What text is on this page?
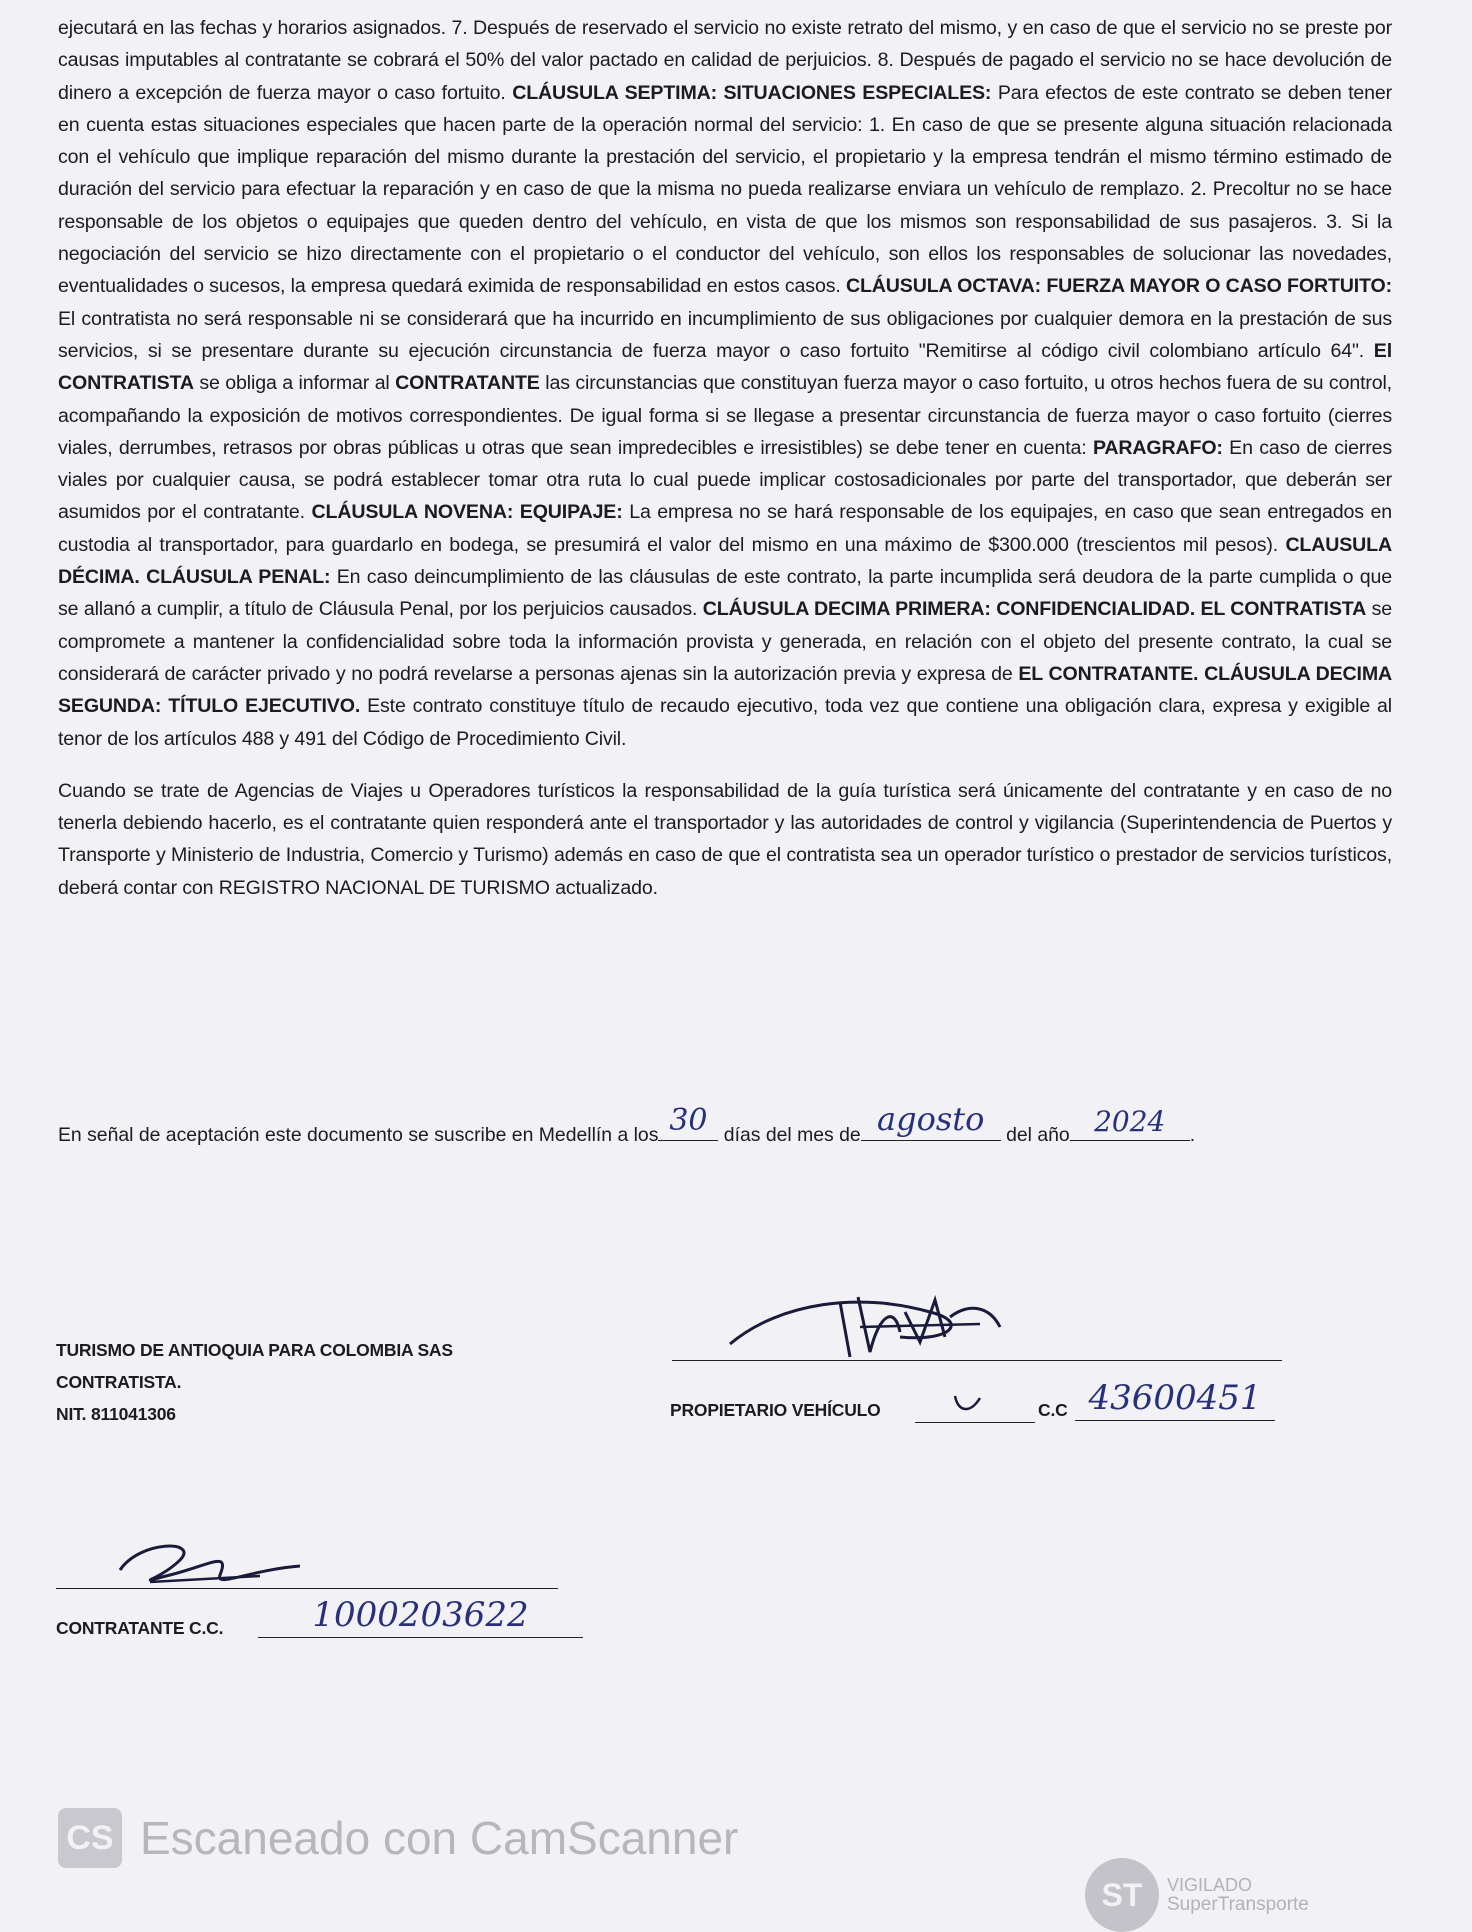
ejecutará en las fechas y horarios asignados. 7. Después de reservado el servicio no existe retrato del mismo, y en caso de que el servicio no se preste por causas imputables al contratante se cobrará el 50% del valor pactado en calidad de perjuicios. 8. Después de pagado el servicio no se hace devolución de dinero a excepción de fuerza mayor o caso fortuito. CLÁUSULA SEPTIMA: SITUACIONES ESPECIALES: Para efectos de este contrato se deben tener en cuenta estas situaciones especiales que hacen parte de la operación normal del servicio: 1. En caso de que se presente alguna situación relacionada con el vehículo que implique reparación del mismo durante la prestación del servicio, el propietario y la empresa tendrán el mismo término estimado de duración del servicio para efectuar la reparación y en caso de que la misma no pueda realizarse enviara un vehículo de remplazo. 2. Precoltur no se hace responsable de los objetos o equipajes que queden dentro del vehículo, en vista de que los mismos son responsabilidad de sus pasajeros. 3. Si la negociación del servicio se hizo directamente con el propietario o el conductor del vehículo, son ellos los responsables de solucionar las novedades, eventualidades o sucesos, la empresa quedará eximida de responsabilidad en estos casos. CLÁUSULA OCTAVA: FUERZA MAYOR O CASO FORTUITO: El contratista no será responsable ni se considerará que ha incurrido en incumplimiento de sus obligaciones por cualquier demora en la prestación de sus servicios, si se presentare durante su ejecución circunstancia de fuerza mayor o caso fortuito "Remitirse al código civil colombiano artículo 64". El CONTRATISTA se obliga a informar al CONTRATANTE las circunstancias que constituyan fuerza mayor o caso fortuito, u otros hechos fuera de su control, acompañando la exposición de motivos correspondientes. De igual forma si se llegase a presentar circunstancia de fuerza mayor o caso fortuito (cierres viales, derrumbes, retrasos por obras públicas u otras que sean impredecibles e irresistibles) se debe tener en cuenta: PARAGRAFO: En caso de cierres viales por cualquier causa, se podrá establecer tomar otra ruta lo cual puede implicar costosadicionales por parte del transportador, que deberán ser asumidos por el contratante. CLÁUSULA NOVENA: EQUIPAJE: La empresa no se hará responsable de los equipajes, en caso que sean entregados en custodia al transportador, para guardarlo en bodega, se presumirá el valor del mismo en una máximo de $300.000 (trescientos mil pesos). CLAUSULA DÉCIMA. CLÁUSULA PENAL: En caso deincumplimiento de las cláusulas de este contrato, la parte incumplida será deudora de la parte cumplida o que se allanó a cumplir, a título de Cláusula Penal, por los perjuicios causados. CLÁUSULA DECIMA PRIMERA: CONFIDENCIALIDAD. EL CONTRATISTA se compromete a mantener la confidencialidad sobre toda la información provista y generada, en relación con el objeto del presente contrato, la cual se considerará de carácter privado y no podrá revelarse a personas ajenas sin la autorización previa y expresa de EL CONTRATANTE. CLÁUSULA DECIMA SEGUNDA: TÍTULO EJECUTIVO. Este contrato constituye título de recaudo ejecutivo, toda vez que contiene una obligación clara, expresa y exigible al tenor de los artículos 488 y 491 del Código de Procedimiento Civil.

Cuando se trate de Agencias de Viajes u Operadores turísticos la responsabilidad de la guía turística será únicamente del contratante y en caso de no tenerla debiendo hacerlo, es el contratante quien responderá ante el transportador y las autoridades de control y vigilancia (Superintendencia de Puertos y Transporte y Ministerio de Industria, Comercio y Turismo) además en caso de que el contratista sea un operador turístico o prestador de servicios turísticos, deberá contar con REGISTRO NACIONAL DE TURISMO actualizado.

En señal de aceptación este documento se suscribe en Medellín a los 30 días del mes de agosto del año 2024 .
TURISMO DE ANTIOQUIA PARA COLOMBIA SAS
CONTRATISTA.
NIT. 811041306	PROPIETARIO VEHÍCULO	C.C 43600451
CONTRATANTE C.C.	1000203622
CS Escaneado con CamScanner
ST	VIGILADO
SuperTransporte
